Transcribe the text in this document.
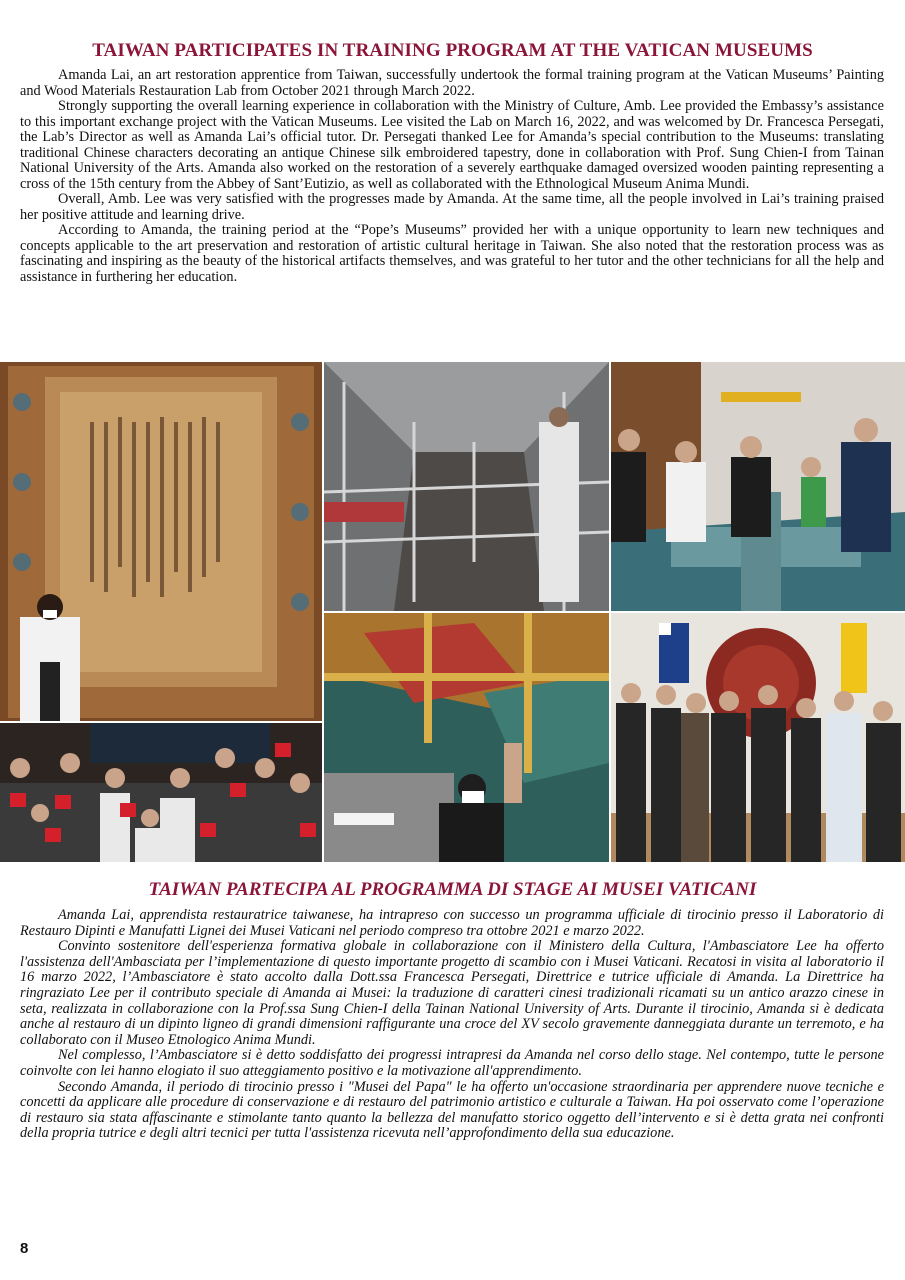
TAIWAN PARTICIPATES IN TRAINING PROGRAM AT THE VATICAN MUSEUMS

Amanda Lai, an art restoration apprentice from Taiwan, successfully undertook the formal training program at the Vatican Museums’ Painting and Wood Materials Restauration Lab from October 2021 through March 2022.

Strongly supporting the overall learning experience in collaboration with the Ministry of Culture, Amb. Lee provided the Embassy’s assistance to this important exchange project with the Vatican Museums. Lee visited the Lab on March 16, 2022, and was welcomed by Dr. Francesca Persegati, the Lab’s Director as well as Amanda Lai’s official tutor. Dr. Persegati thanked Lee for Amanda’s special contribution to the Museums: translating traditional Chinese characters decorating an antique Chinese silk embroidered tapestry, done in collaboration with Prof. Sung Chien-I from Tainan National University of the Arts. Amanda also worked on the restoration of a severely earthquake damaged oversized wooden painting representing a cross of the 15th century from the Abbey of Sant’Eutizio, as well as collaborated with the Ethnological Museum Anima Mundi.

Overall, Amb. Lee was very satisfied with the progresses made by Amanda. At the same time, all the people involved in Lai’s training praised her positive attitude and learning drive.

According to Amanda, the training period at the “Pope’s Museums” provided her with a unique opportunity to learn new techniques and concepts applicable to the art preservation and restoration of artistic cultural heritage in Taiwan. She also noted that the restoration process was as fascinating and inspiring as the beauty of the historical artifacts themselves, and was grateful to her tutor and the other technicians for all the help and assistance in furthering her education.

TAIWAN PARTECIPA AL PROGRAMMA DI STAGE AI MUSEI VATICANI

Amanda Lai, apprendista restauratrice taiwanese, ha intrapreso con successo un programma ufficiale di tirocinio presso il Laboratorio di Restauro Dipinti e Manufatti Lignei dei Musei Vaticani nel periodo compreso tra ottobre 2021 e marzo 2022.

Convinto sostenitore dell'esperienza formativa globale in collaborazione con il Ministero della Cultura, l'Ambasciatore Lee ha offerto l'assistenza dell'Ambasciata per l’implementazione di questo importante progetto di scambio con i Musei Vaticani. Recatosi in visita al laboratorio il 16 marzo 2022, l’Ambasciatore è stato accolto dalla Dott.ssa Francesca Persegati, Direttrice e tutrice ufficiale di Amanda. La Direttrice ha ringraziato Lee per il contributo speciale di Amanda ai Musei: la traduzione di caratteri cinesi tradizionali ricamati su un antico arazzo cinese in seta, realizzata in collaborazione con la Prof.ssa Sung Chien-I della Tainan National University of Arts. Durante il tirocinio, Amanda si è dedicata anche al restauro di un dipinto ligneo di grandi dimensioni raffigurante una croce del XV secolo gravemente danneggiata durante un terremoto, e ha collaborato con il Museo Etnologico Anima Mundi.

Nel complesso, l’Ambasciatore si è detto soddisfatto dei progressi intrapresi da Amanda nel corso dello stage. Nel contempo, tutte le persone coinvolte con lei hanno elogiato il suo atteggiamento positivo e la motivazione all'apprendimento.

Secondo Amanda, il periodo di tirocinio presso i "Musei del Papa" le ha offerto un'occasione straordinaria per apprendere nuove tecniche e concetti da applicare alle procedure di conservazione e di restauro del patrimonio artistico e culturale a Taiwan. Ha poi osservato come l’operazione di restauro sia stata affascinante e stimolante tanto quanto la bellezza del manufatto storico oggetto dell’intervento e si è detta grata nei confronti della propria tutrice e degli altri tecnici per tutta l'assistenza ricevuta nell’approfondimento della sua educazione.

8
